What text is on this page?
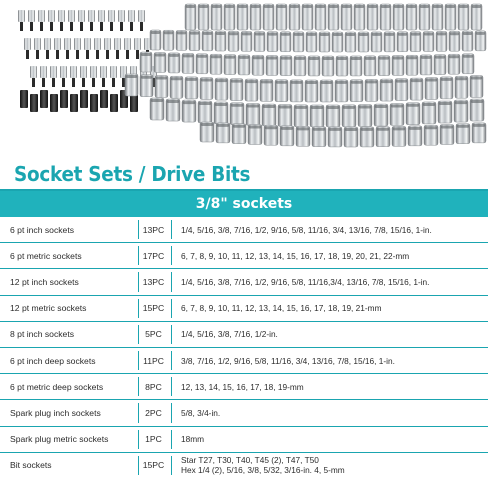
Socket Sets / Drive Bits
3/8" sockets
6 pt inch sockets	13PC	1/4, 5/16, 3/8, 7/16, 1/2, 9/16, 5/8, 11/16, 3/4, 13/16, 7/8, 15/16, 1-in.
6 pt metric sockets	17PC	6, 7, 8, 9, 10, 11, 12, 13, 14, 15, 16, 17, 18, 19, 20, 21, 22-mm
12 pt inch sockets	13PC	1/4, 5/16, 3/8, 7/16, 1/2, 9/16, 5/8, 11/16,3/4, 13/16, 7/8, 15/16, 1-in.
12 pt metric sockets	15PC	6, 7, 8, 9, 10, 11, 12, 13, 14, 15, 16, 17, 18, 19, 21-mm
8 pt inch sockets	5PC	1/4, 5/16, 3/8, 7/16, 1/2-in.
6 pt inch deep sockets	11PC	3/8, 7/16, 1/2, 9/16, 5/8, 11/16, 3/4, 13/16, 7/8, 15/16, 1-in.
6 pt metric deep sockets	8PC	12, 13, 14, 15, 16, 17, 18, 19-mm
Spark plug inch sockets	2PC	5/8, 3/4-in.
Spark plug metric sockets	1PC	18mm
Bit sockets	15PC	Star T27, T30, T40, T45 (2), T47, T50
Hex 1/4 (2), 5/16, 3/8, 5/32, 3/16-in. 4, 5-mm
